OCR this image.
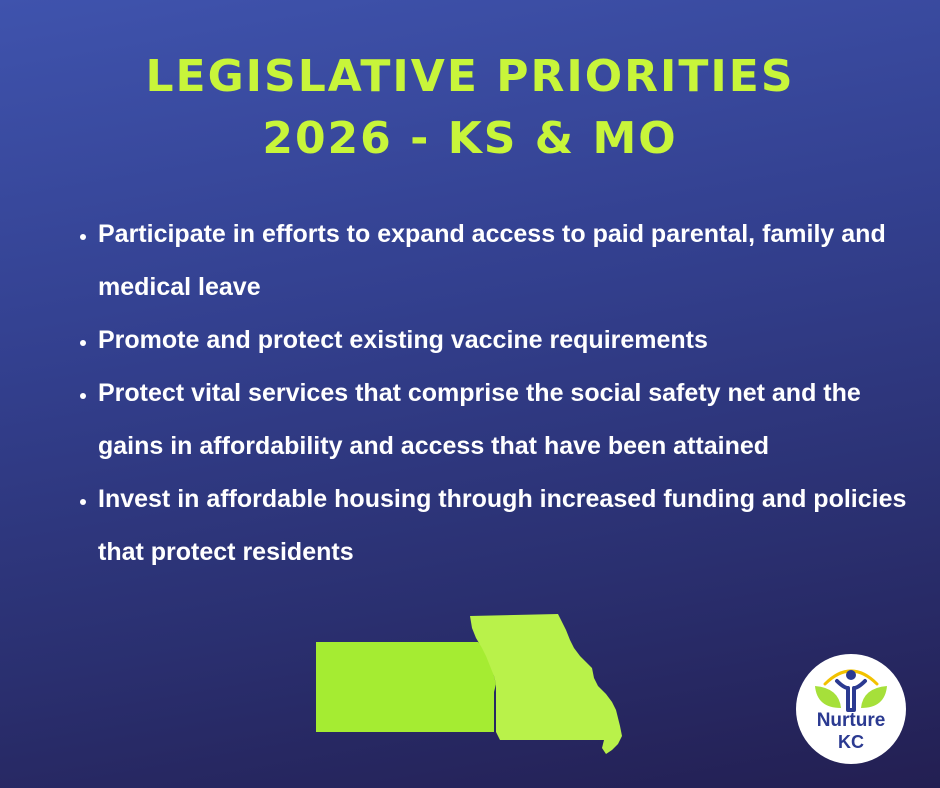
LEGISLATIVE PRIORITIES
2026 - KS & MO
• Participate in efforts to expand access to paid parental, family and medical leave
• Promote and protect existing vaccine requirements
• Protect vital services that comprise the social safety net and the gains in affordability and access that have been attained
• Invest in affordable housing through increased funding and policies that protect residents
Nurture
KC
